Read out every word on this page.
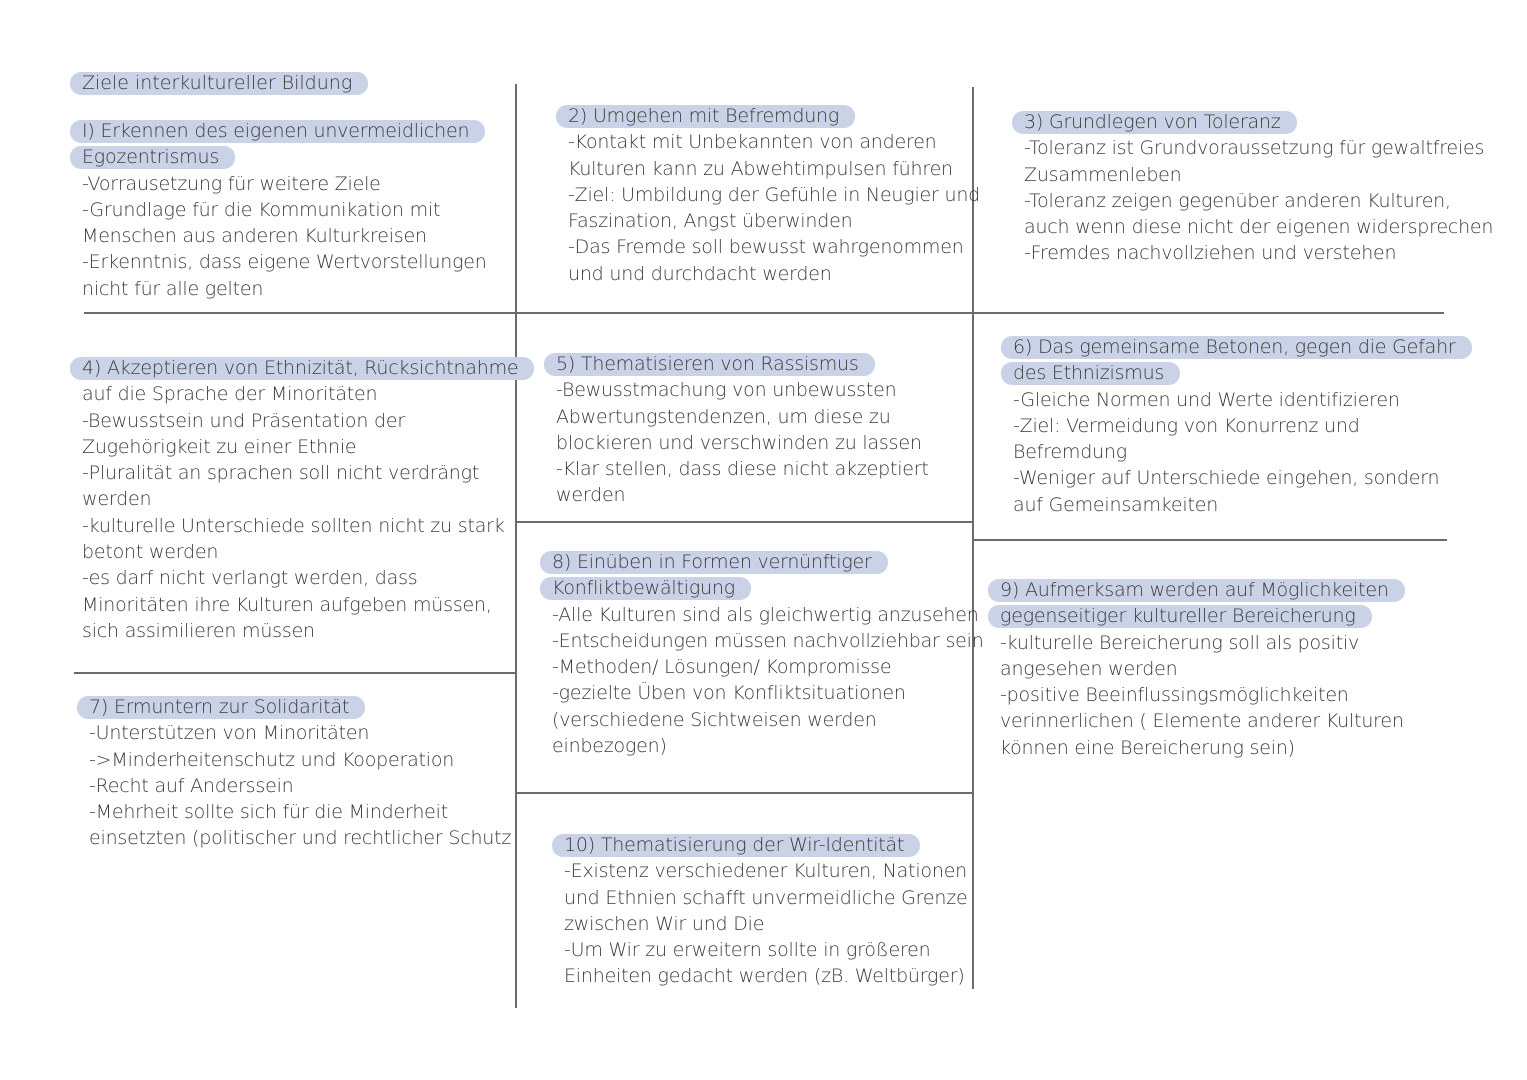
Ziele interkultureller Bildung
I) Erkennen des eigenen unvermeidlichen
Egozentrismus
-Vorrausetzung für weitere Ziele
-Grundlage für die Kommunikation mit
Menschen aus anderen Kulturkreisen
-Erkenntnis, dass eigene Wertvorstellungen
nicht für alle gelten
2) Umgehen mit Befremdung
-Kontakt mit Unbekannten von anderen
Kulturen kann zu Abwehtimpulsen führen
-Ziel: Umbildung der Gefühle in Neugier und
Faszination, Angst überwinden
-Das Fremde soll bewusst wahrgenommen
und und durchdacht werden
3) Grundlegen von Toleranz
-Toleranz ist Grundvoraussetzung für gewaltfreies
Zusammenleben
-Toleranz zeigen gegenüber anderen Kulturen,
auch wenn diese nicht der eigenen widersprechen
-Fremdes nachvollziehen und verstehen
4) Akzeptieren von Ethnizität, Rücksichtnahme
auf die Sprache der Minoritäten
-Bewusstsein und Präsentation der
Zugehörigkeit zu einer Ethnie
-Pluralität an sprachen soll nicht verdrängt
werden
-kulturelle Unterschiede sollten nicht zu stark
betont werden
-es darf nicht verlangt werden, dass
Minoritäten ihre Kulturen aufgeben müssen,
sich assimilieren müssen
5) Thematisieren von Rassismus
-Bewusstmachung von unbewussten
Abwertungstendenzen, um diese zu
blockieren und verschwinden zu lassen
-Klar stellen, dass diese nicht akzeptiert
werden
6) Das gemeinsame Betonen, gegen die Gefahr
des Ethnizismus
-Gleiche Normen und Werte identifizieren
-Ziel: Vermeidung von Konurrenz und
Befremdung
-Weniger auf Unterschiede eingehen, sondern
auf Gemeinsamkeiten
7) Ermuntern zur Solidarität
-Unterstützen von Minoritäten
->Minderheitenschutz und Kooperation
-Recht auf Anderssein
-Mehrheit sollte sich für die Minderheit
einsetzten (politischer und rechtlicher Schutz
8) Einüben in Formen vernünftiger
Konfliktbewältigung
-Alle Kulturen sind als gleichwertig anzusehen
-Entscheidungen müssen nachvollziehbar sein
-Methoden/ Lösungen/ Kompromisse
-gezielte Üben von Konfliktsituationen
(verschiedene Sichtweisen werden
einbezogen)
9) Aufmerksam werden auf Möglichkeiten
gegenseitiger kultureller Bereicherung
-kulturelle Bereicherung soll als positiv
angesehen werden
-positive Beeinflussingsmöglichkeiten
verinnerlichen ( Elemente anderer Kulturen
können eine Bereicherung sein)
10) Thematisierung der Wir-Identität
-Existenz verschiedener Kulturen, Nationen
und Ethnien schafft unvermeidliche Grenze
zwischen Wir und Die
-Um Wir zu erweitern sollte in größeren
Einheiten gedacht werden (zB. Weltbürger)
